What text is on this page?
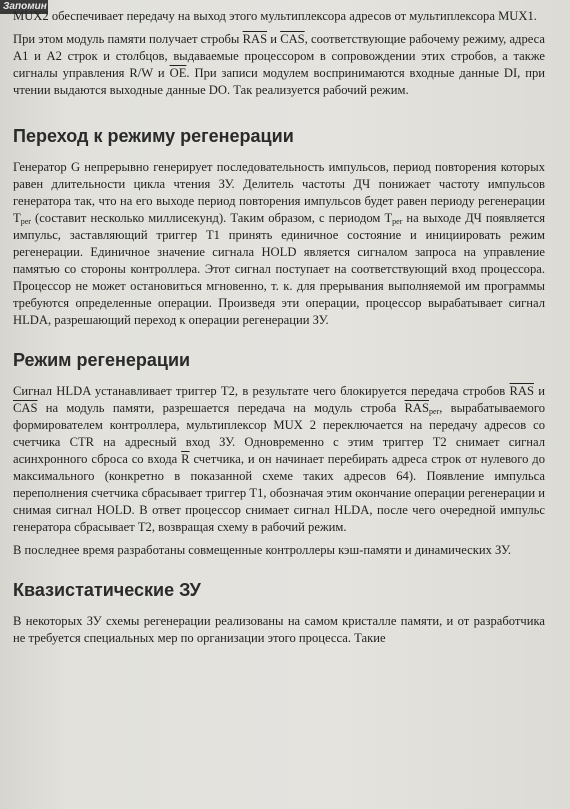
Запомин

MUX2 обеспечивает передачу на выход этого мультиплексора адресов от мультиплексора MUX1.

При этом модуль памяти получает стробы $\overline{RAS}$ и $\overline{CAS}$, соответствующие рабочему режиму, адреса А1 и А2 строк и столбцов, выдаваемые процессором в сопровождении этих стробов, а также сигналы управления R/W и $\overline{OE}$. При записи модулем воспринимаются входные данные DI, при чтении выдаются выходные данные DO. Так реализуется рабочий режим.

Переход к режиму регенерации

Генератор G непрерывно генерирует последовательность импульсов, период повторения которых равен длительности цикла чтения ЗУ. Делитель частоты ДЧ понижает частоту импульсов генератора так, что на его выходе период повторения импульсов будет равен периоду регенерации $T_{per}$ (составит несколько миллисекунд). Таким образом, с периодом $T_{per}$ на выходе ДЧ появляется импульс, заставляющий триггер T1 принять единичное состояние и инициировать режим регенерации. Единичное значение сигнала HOLD является сигналом запроса на управление памятью со стороны контроллера. Этот сигнал поступает на соответствующий вход процессора. Процессор не может остановиться мгновенно, т. к. для прерывания выполняемой им программы требуются определенные операции. Произведя эти операции, процессор вырабатывает сигнал HLDA, разрешающий переход к операции регенерации ЗУ.

Режим регенерации

Сигнал HLDA устанавливает триггер T2, в результате чего блокируется передача стробов $\overline{RAS}$ и $\overline{CAS}$ на модуль памяти, разрешается передача на модуль строба $\overline{RAS}_{per}$, вырабатываемого формирователем контроллера, мультиплексор MUX 2 переключается на передачу адресов со счетчика CTR на адресный вход ЗУ. Одновременно с этим триггер T2 снимает сигнал асинхронного сброса со входа $\overline{R}$ счетчика, и он начинает перебирать адреса строк от нулевого до максимального (конкретно в показанной схеме таких адресов 64). Появление импульса переполнения счетчика сбрасывает триггер T1, обозначая этим окончание операции регенерации и снимая сигнал HOLD. В ответ процессор снимает сигнал HLDA, после чего очередной импульс генератора сбрасывает T2, возвращая схему в рабочий режим.

В последнее время разработаны совмещенные контроллеры кэш-памяти и динамических ЗУ.

Квазистатические ЗУ

В некоторых ЗУ схемы регенерации реализованы на самом кристалле памяти, и от разработчика не требуется специальных мер по организации этого процесса. Такие
